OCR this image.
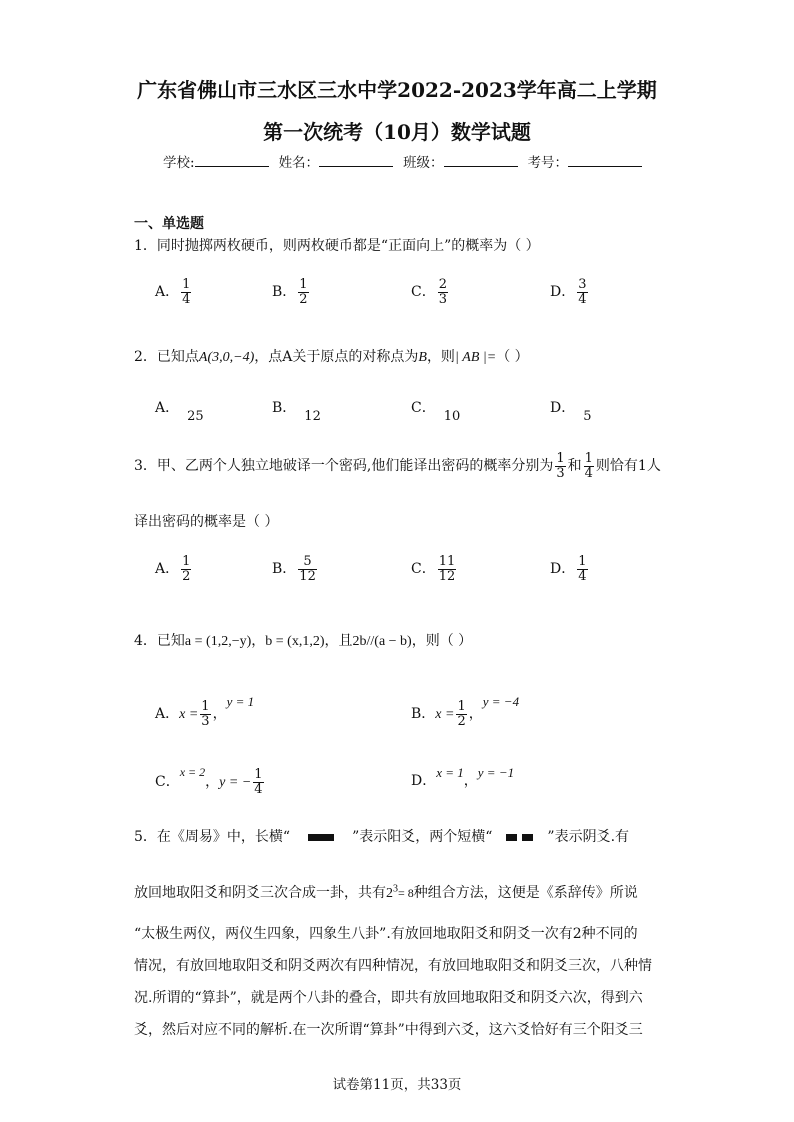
广东省佛山市三水区三水中学2022-2023学年高二上学期
第一次统考（10月）数学试题
学校:	姓名：	班级：	考号：
一、单选题
1．同时抛掷两枚硬币，则两枚硬币都是“正面向上”的概率为（ ）
A． $\frac{1}{4}$	B． $\frac{1}{2}$	C． $\frac{2}{3}$	D． $\frac{3}{4}$
2．已知点A(3,0,−4)，点A关于原点的对称点为B，则| AB |=（ ）
A．25
B．12
C．10
D．5
3．甲、乙两个人独立地破译一个密码,他们能译出密码的概率分别为 $\frac{1}{3}$ 和 $\frac{1}{4}$ 则恰有1人
译出密码的概率是（ ）
A． $\frac{1}{2}$	B． $\frac{5}{12}$	C． $\frac{11}{12}$	D． $\frac{1}{4}$
4．已知a = (1,2,−y)，b = (x,1,2)，且2b//(a − b)，则（ ）
A．$x = \frac{1}{3}$ ，y = 1
B．$x = \frac{1}{2}$ ，y = −4
C．x = 2，y = − $\frac{1}{4}$	D．x = 1，y = −1
5．在《周易》中，长横“	”表示阳爻，两个短横“	”表示阴爻.有
放回地取阳爻和阴爻三次合成一卦，共有$2^3= 8$种组合方法，这便是《系辞传》所说
“太极生两仪，两仪生四象，四象生八卦”.有放回地取阳爻和阴爻一次有2种不同的
情况，有放回地取阳爻和阴爻两次有四种情况，有放回地取阳爻和阴爻三次，八种情
况.所谓的“算卦”，就是两个八卦的叠合，即共有放回地取阳爻和阴爻六次，得到六
爻，然后对应不同的解析.在一次所谓“算卦”中得到六爻，这六爻恰好有三个阳爻三
试卷第11页，共33页
